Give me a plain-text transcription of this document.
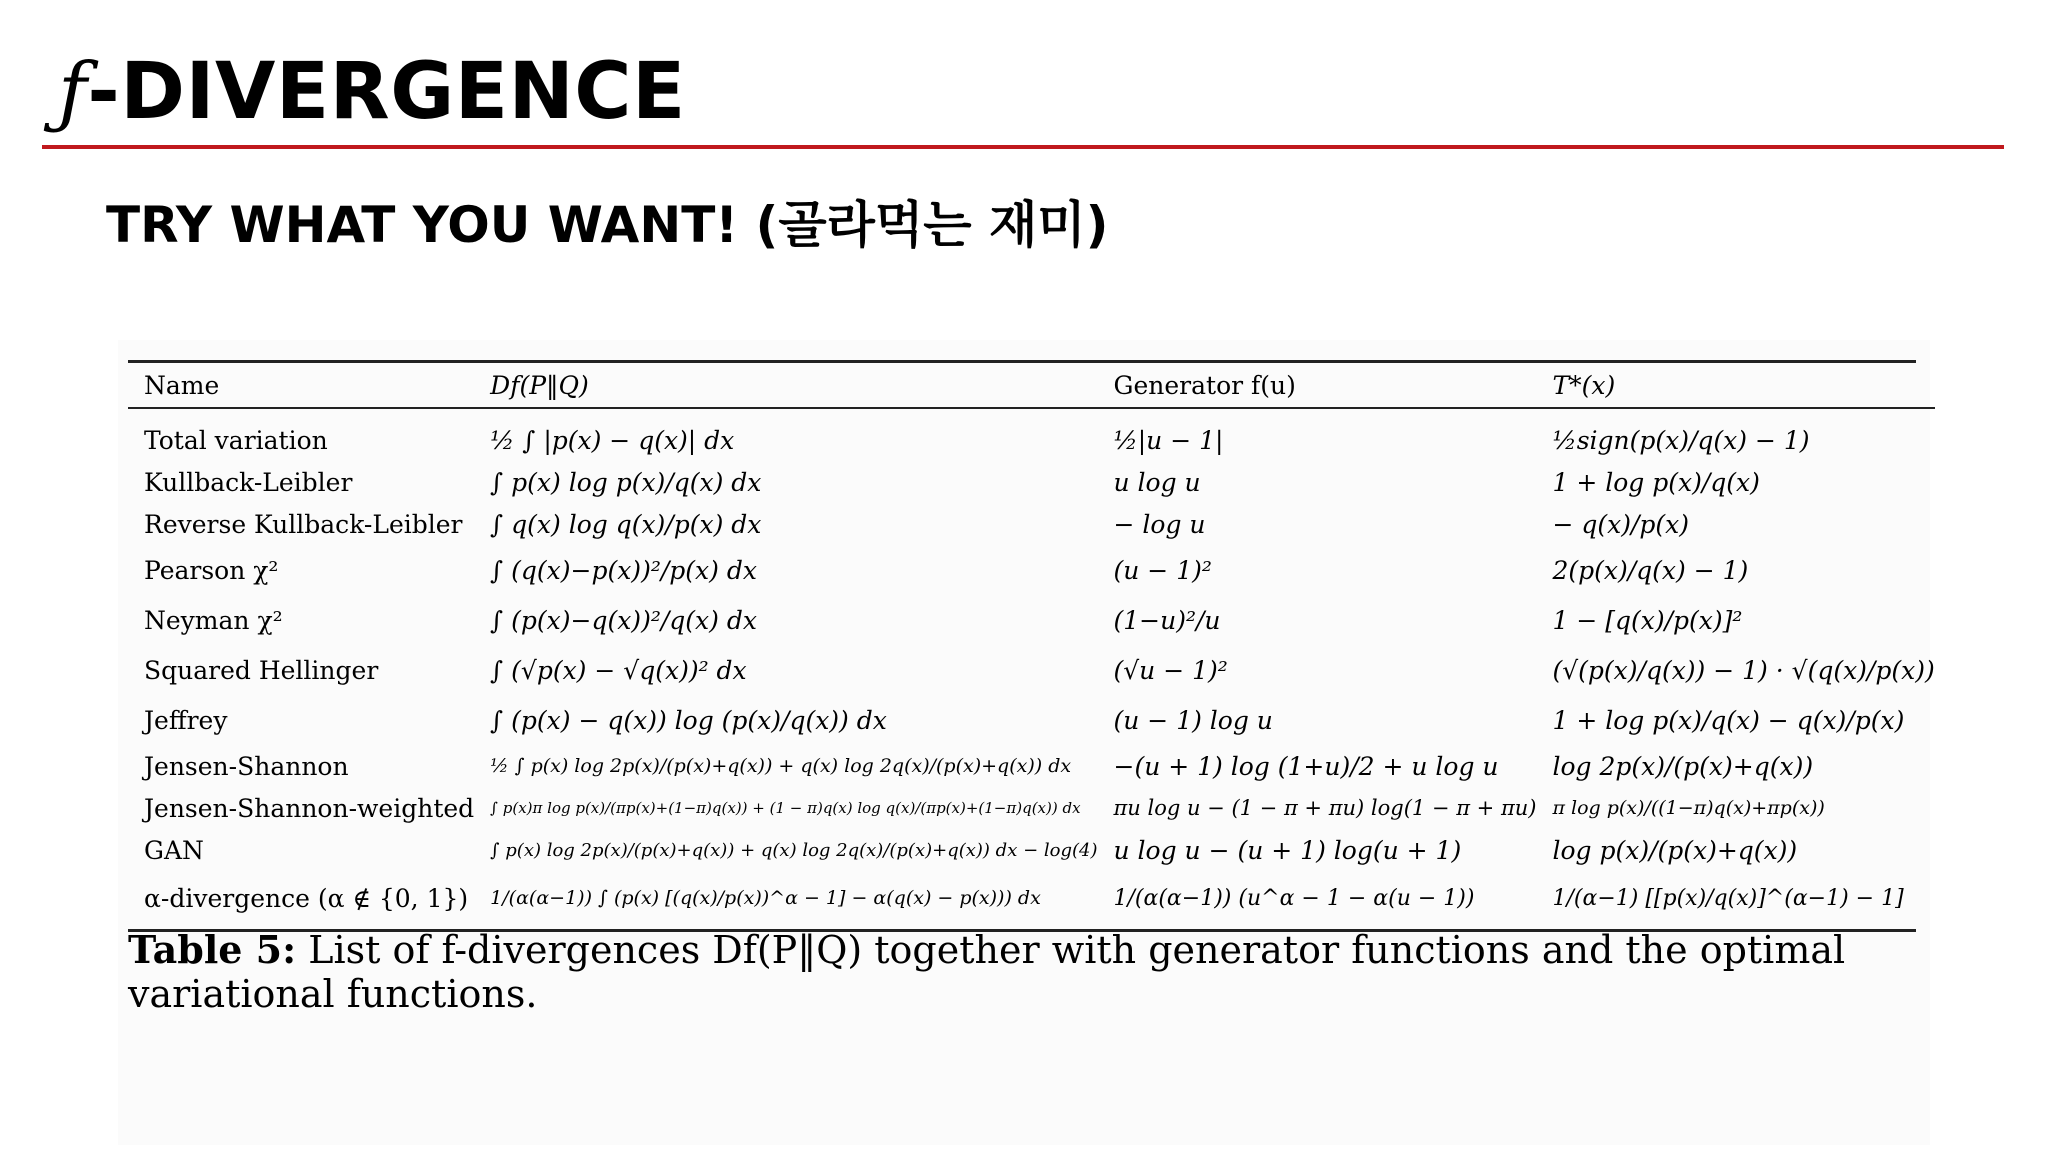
ƒ-DIVERGENCE
TRY WHAT YOU WANT! (골라먹는 재미)
Name	Df(P‖Q)	Generator f(u)	T*(x)
Total variation	½ ∫ |p(x) − q(x)| dx	½|u − 1|	½sign(p(x)/q(x) − 1)
Kullback-Leibler	∫ p(x) log p(x)/q(x) dx	u log u	1 + log p(x)/q(x)
Reverse Kullback-Leibler	∫ q(x) log q(x)/p(x) dx	− log u	− q(x)/p(x)
Pearson χ²	∫ (q(x)−p(x))²/p(x) dx	(u − 1)²	2(p(x)/q(x) − 1)
Neyman χ²	∫ (p(x)−q(x))²/q(x) dx	(1−u)²/u	1 − [q(x)/p(x)]²
Squared Hellinger	∫ (√p(x) − √q(x))² dx	(√u − 1)²	(√(p(x)/q(x)) − 1) · √(q(x)/p(x))
Jeffrey	∫ (p(x) − q(x)) log (p(x)/q(x)) dx	(u − 1) log u	1 + log p(x)/q(x) − q(x)/p(x)
Jensen-Shannon	½ ∫ p(x) log 2p(x)/(p(x)+q(x)) + q(x) log 2q(x)/(p(x)+q(x)) dx	−(u + 1) log (1+u)/2 + u log u	log 2p(x)/(p(x)+q(x))
Jensen-Shannon-weighted	∫ p(x)π log p(x)/(πp(x)+(1−π)q(x)) + (1 − π)q(x) log q(x)/(πp(x)+(1−π)q(x)) dx	πu log u − (1 − π + πu) log(1 − π + πu)	π log p(x)/((1−π)q(x)+πp(x))
GAN	∫ p(x) log 2p(x)/(p(x)+q(x)) + q(x) log 2q(x)/(p(x)+q(x)) dx − log(4)	u log u − (u + 1) log(u + 1)	log p(x)/(p(x)+q(x))
α-divergence (α ∉ {0, 1})	1/(α(α−1)) ∫ (p(x) [(q(x)/p(x))^α − 1] − α(q(x) − p(x))) dx	1/(α(α−1)) (u^α − 1 − α(u − 1))	1/(α−1) [[p(x)/q(x)]^(α−1) − 1]

Table 5: List of f-divergences Df(P‖Q) together with generator functions and the optimal variational functions.
